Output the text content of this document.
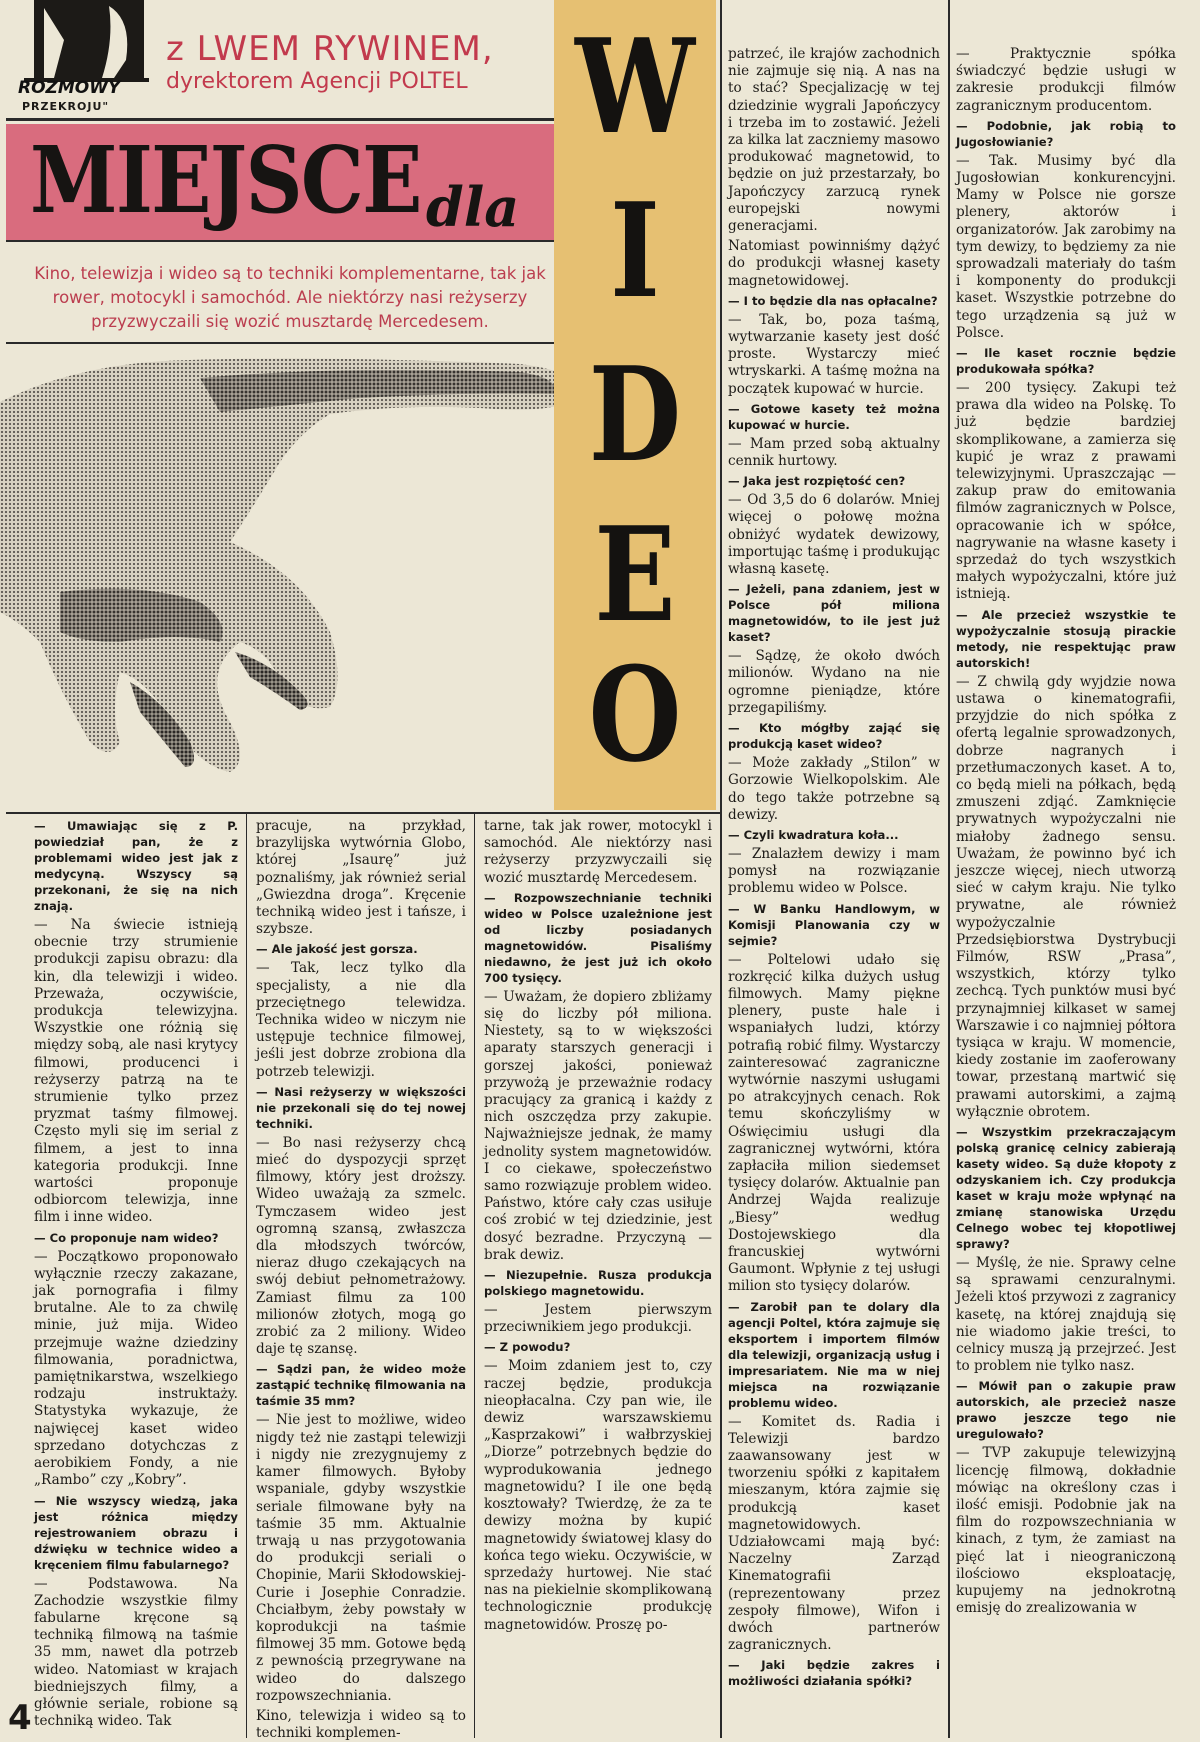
ROZMOWY
PRZEKROJU"
z LWEM RYWINEM,
dyrektorem Agencji POLTEL
MIEJSCE dla
Kino, telewizja i wideo są to techniki komplementarne, tak jak rower, motocykl i samochód. Ale niektórzy nasi reżyserzy przyzwyczaili się wozić musztardę Mercedesem.
W
I
D
E
O

— Umawiając się z P. powiedział pan, że z problemami wideo jest jak z medycyną. Wszyscy są przekonani, że się na nich znają.

— Na świecie istnieją obecnie trzy strumienie produkcji zapisu obrazu: dla kin, dla telewizji i wideo. Przeważa, oczywiście, produkcja telewizyjna. Wszystkie one różnią się między sobą, ale nasi krytycy filmowi, producenci i reżyserzy patrzą na te strumienie tylko przez pryzmat taśmy filmowej. Często myli się im serial z filmem, a jest to inna kategoria produkcji. Inne wartości proponuje odbiorcom telewizja, inne film i inne wideo.

— Co proponuje nam wideo?

— Początkowo proponowało wyłącznie rzeczy zakazane, jak pornografia i filmy brutalne. Ale to za chwilę minie, już mija. Wideo przejmuje ważne dziedziny filmowania, poradnictwa, pamiętnikarstwa, wszelkiego rodzaju instruktaży. Statystyka wykazuje, że najwięcej kaset wideo sprzedano dotychczas z aerobikiem Fondy, a nie „Rambo” czy „Kobry”.

— Nie wszyscy wiedzą, jaka jest różnica między rejestrowaniem obrazu i dźwięku w technice wideo a kręceniem filmu fabularnego?

— Podstawowa. Na Zachodzie wszystkie filmy fabularne kręcone są techniką filmową na taśmie 35 mm, nawet dla potrzeb wideo. Natomiast w krajach biedniejszych filmy, a głównie seriale, robione są techniką wideo. Tak

pracuje, na przykład, brazylijska wytwórnia Globo, której „Isaurę” już poznaliśmy, jak również serial „Gwiezdna droga”. Kręcenie techniką wideo jest i tańsze, i szybsze.

— Ale jakość jest gorsza.

— Tak, lecz tylko dla specjalisty, a nie dla przeciętnego telewidza. Technika wideo w niczym nie ustępuje technice filmowej, jeśli jest dobrze zrobiona dla potrzeb telewizji.

— Nasi reżyserzy w większości nie przekonali się do tej nowej techniki.

— Bo nasi reżyserzy chcą mieć do dyspozycji sprzęt filmowy, który jest droższy. Wideo uważają za szmelc. Tymczasem wideo jest ogromną szansą, zwłaszcza dla młodszych twórców, nieraz długo czekających na swój debiut pełnometrażowy. Zamiast filmu za 100 milionów złotych, mogą go zrobić za 2 miliony. Wideo daje tę szansę.

— Sądzi pan, że wideo może zastąpić technikę filmowania na taśmie 35 mm?

— Nie jest to możliwe, wideo nigdy też nie zastąpi telewizji i nigdy nie zrezygnujemy z kamer filmowych. Byłoby wspaniale, gdyby wszystkie seriale filmowane były na taśmie 35 mm. Aktualnie trwają u nas przygotowania do produkcji seriali o Chopinie, Marii Skłodowskiej-Curie i Josephie Conradzie. Chciałbym, żeby powstały w koprodukcji na taśmie filmowej 35 mm. Gotowe będą z pewnością przegrywane na wideo do dalszego rozpowszechniania.

Kino, telewizja i wideo są to techniki komplemen-

tarne, tak jak rower, motocykl i samochód. Ale niektórzy nasi reżyserzy przyzwyczaili się wozić musztardę Mercedesem.

— Rozpowszechnianie techniki wideo w Polsce uzależnione jest od liczby posiadanych magnetowidów. Pisaliśmy niedawno, że jest już ich około 700 tysięcy.

— Uważam, że dopiero zbliżamy się do liczby pół miliona. Niestety, są to w większości aparaty starszych generacji i gorszej jakości, ponieważ przywożą je przeważnie rodacy pracujący za granicą i każdy z nich oszczędza przy zakupie. Najważniejsze jednak, że mamy jednolity system magnetowidów. I co ciekawe, społeczeństwo samo rozwiązuje problem wideo. Państwo, które cały czas usiłuje coś zrobić w tej dziedzinie, jest dosyć bezradne. Przyczyną — brak dewiz.

— Niezupełnie. Rusza produkcja polskiego magnetowidu.

— Jestem pierwszym przeciwnikiem jego produkcji.

— Z powodu?

— Moim zdaniem jest to, czy raczej będzie, produkcja nieopłacalna. Czy pan wie, ile dewiz warszawskiemu „Kasprzakowi” i wałbrzyskiej „Diorze” potrzebnych będzie do wyprodukowania jednego magnetowidu? I ile one będą kosztowały? Twierdzę, że za te dewizy można by kupić magnetowidy światowej klasy do końca tego wieku. Oczywiście, w sprzedaży hurtowej. Nie stać nas na piekielnie skomplikowaną technologicznie produkcję magnetowidów. Proszę po-

patrzeć, ile krajów zachodnich nie zajmuje się nią. A nas na to stać? Specjalizację w tej dziedzinie wygrali Japończycy i trzeba im to zostawić. Jeżeli za kilka lat zaczniemy masowo produkować magnetowid, to będzie on już przestarzały, bo Japończycy zarzucą rynek europejski nowymi generacjami.

Natomiast powinniśmy dążyć do produkcji własnej kasety magnetowidowej.

— I to będzie dla nas opłacalne?

— Tak, bo, poza taśmą, wytwarzanie kasety jest dość proste. Wystarczy mieć wtryskarki. A taśmę można na początek kupować w hurcie.

— Gotowe kasety też można kupować w hurcie.

— Mam przed sobą aktualny cennik hurtowy.

— Jaka jest rozpiętość cen?

— Od 3,5 do 6 dolarów. Mniej więcej o połowę można obniżyć wydatek dewizowy, importując taśmę i produkując własną kasetę.

— Jeżeli, pana zdaniem, jest w Polsce pół miliona magnetowidów, to ile jest już kaset?

— Sądzę, że około dwóch milionów. Wydano na nie ogromne pieniądze, które przegapiliśmy.

— Kto mógłby zająć się produkcją kaset wideo?

— Może zakłady „Stilon” w Gorzowie Wielkopolskim. Ale do tego także potrzebne są dewizy.

— Czyli kwadratura koła...

— Znalazłem dewizy i mam pomysł na rozwiązanie problemu wideo w Polsce.

— W Banku Handlowym, w Komisji Planowania czy w sejmie?

— Poltelowi udało się rozkręcić kilka dużych usług filmowych. Mamy piękne plenery, puste hale i wspaniałych ludzi, którzy potrafią robić filmy. Wystarczy zainteresować zagraniczne wytwórnie naszymi usługami po atrakcyjnych cenach. Rok temu skończyliśmy w Oświęcimiu usługi dla zagranicznej wytwórni, która zapłaciła milion siedemset tysięcy dolarów. Aktualnie pan Andrzej Wajda realizuje „Biesy” według Dostojewskiego dla francuskiej wytwórni Gaumont. Wpłynie z tej usługi milion sto tysięcy dolarów.

— Zarobił pan te dolary dla agencji Poltel, która zajmuje się eksportem i importem filmów dla telewizji, organizacją usług i impresariatem. Nie ma w niej miejsca na rozwiązanie problemu wideo.

— Komitet ds. Radia i Telewizji bardzo zaawansowany jest w tworzeniu spółki z kapitałem mieszanym, która zajmie się produkcją kaset magnetowidowych. Udziałowcami mają być: Naczelny Zarząd Kinematografii (reprezentowany przez zespoły filmowe), Wifon i dwóch partnerów zagranicznych.

— Jaki będzie zakres i możliwości działania spółki?

— Praktycznie spółka świadczyć będzie usługi w zakresie produkcji filmów zagranicznym producentom.

— Podobnie, jak robią to Jugosłowianie?

— Tak. Musimy być dla Jugosłowian konkurencyjni. Mamy w Polsce nie gorsze plenery, aktorów i organizatorów. Jak zarobimy na tym dewizy, to będziemy za nie sprowadzali materiały do taśm i komponenty do produkcji kaset. Wszystkie potrzebne do tego urządzenia są już w Polsce.

— Ile kaset rocznie będzie produkowała spółka?

— 200 tysięcy. Zakupi też prawa dla wideo na Polskę. To już będzie bardziej skomplikowane, a zamierza się kupić je wraz z prawami telewizyjnymi. Upraszczając — zakup praw do emitowania filmów zagranicznych w Polsce, opracowanie ich w spółce, nagrywanie na własne kasety i sprzedaż do tych wszystkich małych wypożyczalni, które już istnieją.

— Ale przecież wszystkie te wypożyczalnie stosują pirackie metody, nie respektując praw autorskich!

— Z chwilą gdy wyjdzie nowa ustawa o kinematografii, przyjdzie do nich spółka z ofertą legalnie sprowadzonych, dobrze nagranych i przetłumaczonych kaset. A to, co będą mieli na półkach, będą zmuszeni zdjąć. Zamknięcie prywatnych wypożyczalni nie miałoby żadnego sensu. Uważam, że powinno być ich jeszcze więcej, niech utworzą sieć w całym kraju. Nie tylko prywatne, ale również wypożyczalnie Przedsiębiorstwa Dystrybucji Filmów, RSW „Prasa”, wszystkich, którzy tylko zechcą. Tych punktów musi być przynajmniej kilkaset w samej Warszawie i co najmniej półtora tysiąca w kraju. W momencie, kiedy zostanie im zaoferowany towar, przestaną martwić się prawami autorskimi, a zajmą wyłącznie obrotem.

— Wszystkim przekraczającym polską granicę celnicy zabierają kasety wideo. Są duże kłopoty z odzyskaniem ich. Czy produkcja kaset w kraju może wpłynąć na zmianę stanowiska Urzędu Celnego wobec tej kłopotliwej sprawy?

— Myślę, że nie. Sprawy celne są sprawami cenzuralnymi. Jeżeli ktoś przywozi z zagranicy kasetę, na której znajdują się nie wiadomo jakie treści, to celnicy muszą ją przejrzeć. Jest to problem nie tylko nasz.

— Mówił pan o zakupie praw autorskich, ale przecież nasze prawo jeszcze tego nie uregulowało?

— TVP zakupuje telewizyjną licencję filmową, dokładnie mówiąc na określony czas i ilość emisji. Podobnie jak na film do rozpowszechniania w kinach, z tym, że zamiast na pięć lat i nieograniczoną ilościowo eksploatację, kupujemy na jednokrotną emisję do zrealizowania w

4
